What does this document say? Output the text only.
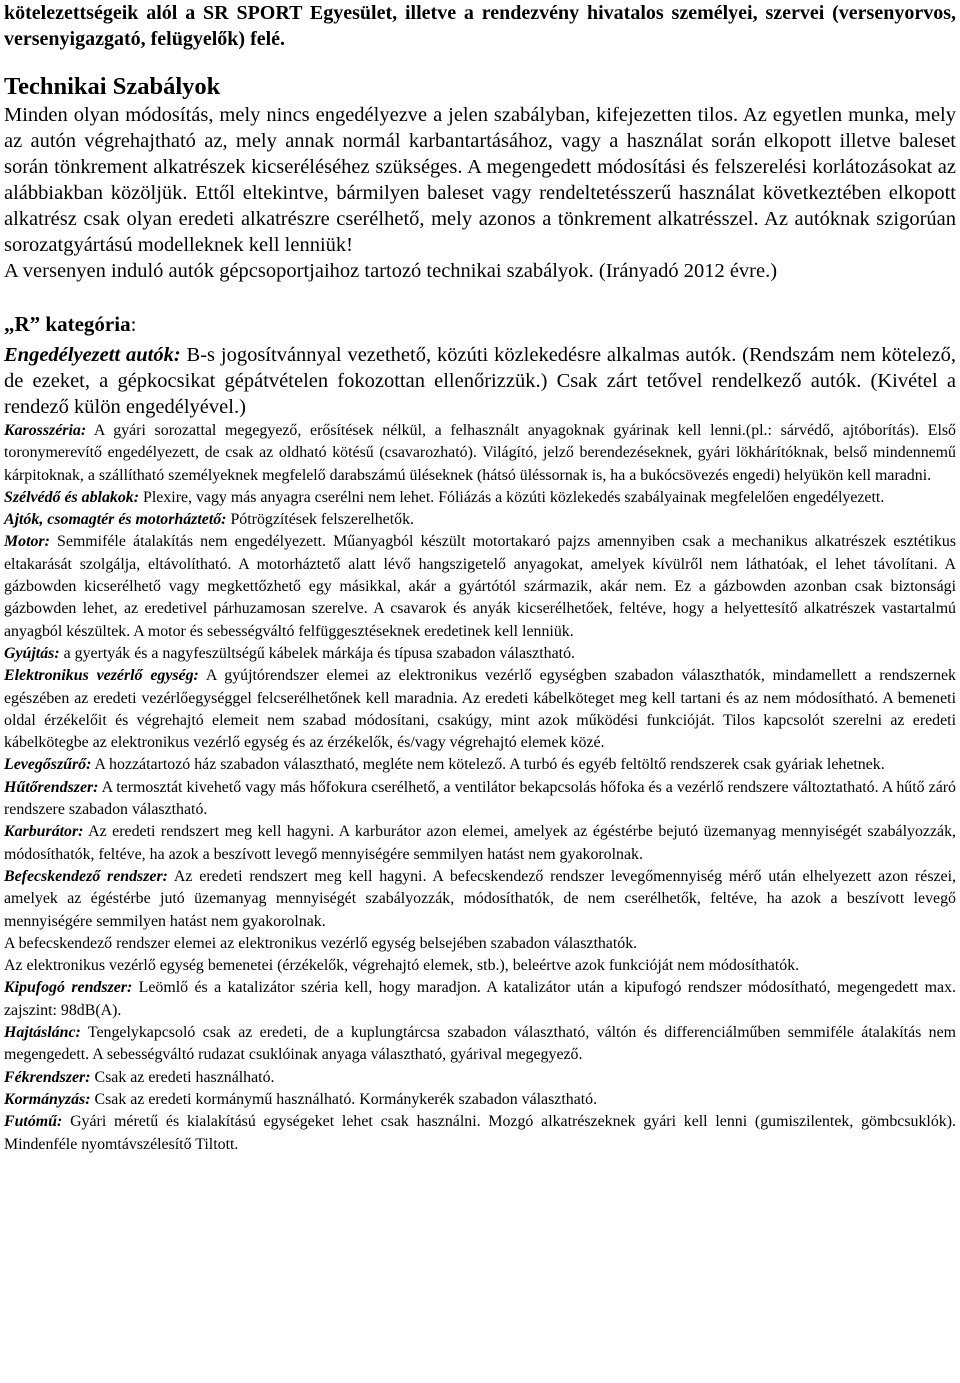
kötelezettségeik alól a SR SPORT Egyesület, illetve a rendezvény hivatalos személyei, szervei (versenyorvos, versenyigazgató, felügyelők) felé.

Technikai Szabályok

Minden olyan módosítás, mely nincs engedélyezve a jelen szabályban, kifejezetten tilos. Az egyetlen munka, mely az autón végrehajtható az, mely annak normál karbantartásához, vagy a használat során elkopott illetve baleset során tönkrement alkatrészek kicseréléséhez szükséges. A megengedett módosítási és felszerelési korlátozásokat az alábbiakban közöljük. Ettől eltekintve, bármilyen baleset vagy rendeltetésszerű használat következtében elkopott alkatrész csak olyan eredeti alkatrészre cserélhető, mely azonos a tönkrement alkatrésszel. Az autóknak szigorúan sorozatgyártású modelleknek kell lenniük!

A versenyen induló autók gépcsoportjaihoz tartozó technikai szabályok. (Irányadó 2012 évre.)

„R” kategória:

Engedélyezett autók: B-s jogosítvánnyal vezethető, közúti közlekedésre alkalmas autók. (Rendszám nem kötelező, de ezeket, a gépkocsikat gépátvételen fokozottan ellenőrizzük.) Csak zárt tetővel rendelkező autók. (Kivétel a rendező külön engedélyével.)

Karosszéria: A gyári sorozattal megegyező, erősítések nélkül, a felhasznált anyagoknak gyárinak kell lenni.(pl.: sárvédő, ajtóborítás). Első toronymerevítő engedélyezett, de csak az oldható kötésű (csavarozható). Világító, jelző berendezéseknek, gyári lökhárítóknak, belső mindennemű kárpitoknak, a szállítható személyeknek megfelelő darabszámú üléseknek (hátsó üléssornak is, ha a bukócsövezés engedi) helyükön kell maradni.

Szélvédő és ablakok: Plexire, vagy más anyagra cserélni nem lehet. Fóliázás a közúti közlekedés szabályainak megfelelően engedélyezett.

Ajtók, csomagtér és motorháztető: Pótrögzítések felszerelhetők.

Motor: Semmiféle átalakítás nem engedélyezett. Műanyagból készült motortakaró pajzs amennyiben csak a mechanikus alkatrészek esztétikus eltakarását szolgálja, eltávolítható. A motorháztető alatt lévő hangszigetelő anyagokat, amelyek kívülről nem láthatóak, el lehet távolítani. A gázbowden kicserélhető vagy megkettőzhető egy másikkal, akár a gyártótól származik, akár nem. Ez a gázbowden azonban csak biztonsági gázbowden lehet, az eredetivel párhuzamosan szerelve. A csavarok és anyák kicserélhetőek, feltéve, hogy a helyettesítő alkatrészek vastartalmú anyagból készültek. A motor és sebességváltó felfüggesztéseknek eredetinek kell lenniük.

Gyújtás: a gyertyák és a nagyfeszültségű kábelek márkája és típusa szabadon választható.

Elektronikus vezérlő egység: A gyújtórendszer elemei az elektronikus vezérlő egységben szabadon választhatók, mindamellett a rendszernek egészében az eredeti vezérlőegységgel felcserélhetőnek kell maradnia. Az eredeti kábelköteget meg kell tartani és az nem módosítható. A bemeneti oldal érzékelőit és végrehajtó elemeit nem szabad módosítani, csakúgy, mint azok működési funkcióját. Tilos kapcsolót szerelni az eredeti kábelkötegbe az elektronikus vezérlő egység és az érzékelők, és/vagy végrehajtó elemek közé.

Levegőszűrő: A hozzátartozó ház szabadon választható, megléte nem kötelező. A turbó és egyéb feltöltő rendszerek csak gyáriak lehetnek.

Hűtőrendszer: A termosztát kivehető vagy más hőfokura cserélhető, a ventilátor bekapcsolás hőfoka és a vezérlő rendszere változtatható. A hűtő záró rendszere szabadon választható.

Karburátor: Az eredeti rendszert meg kell hagyni. A karburátor azon elemei, amelyek az égéstérbe bejutó üzemanyag mennyiségét szabályozzák, módosíthatók, feltéve, ha azok a beszívott levegő mennyiségére semmilyen hatást nem gyakorolnak.

Befecskendező rendszer: Az eredeti rendszert meg kell hagyni. A befecskendező rendszer levegőmennyiség mérő után elhelyezett azon részei, amelyek az égéstérbe jutó üzemanyag mennyiségét szabályozzák, módosíthatók, de nem cserélhetők, feltéve, ha azok a beszívott levegő mennyiségére semmilyen hatást nem gyakorolnak.

A befecskendező rendszer elemei az elektronikus vezérlő egység belsejében szabadon választhatók.

Az elektronikus vezérlő egység bemenetei (érzékelők, végrehajtó elemek, stb.), beleértve azok funkcióját nem módosíthatók.

Kipufogó rendszer: Leömlő és a katalizátor széria kell, hogy maradjon. A katalizátor után a kipufogó rendszer módosítható, megengedett max. zajszint: 98dB(A).

Hajtáslánc: Tengelykapcsoló csak az eredeti, de a kuplungtárcsa szabadon választható, váltón és differenciálműben semmiféle átalakítás nem megengedett. A sebességváltó rudazat csuklóinak anyaga választható, gyárival megegyező.

Fékrendszer: Csak az eredeti használható.

Kormányzás: Csak az eredeti kormánymű használható. Kormánykerék szabadon választható.

Futómű: Gyári méretű és kialakítású egységeket lehet csak használni. Mozgó alkatrészeknek gyári kell lenni (gumiszilentek, gömbcsuklók). Mindenféle nyomtávszélesítő Tiltott.
